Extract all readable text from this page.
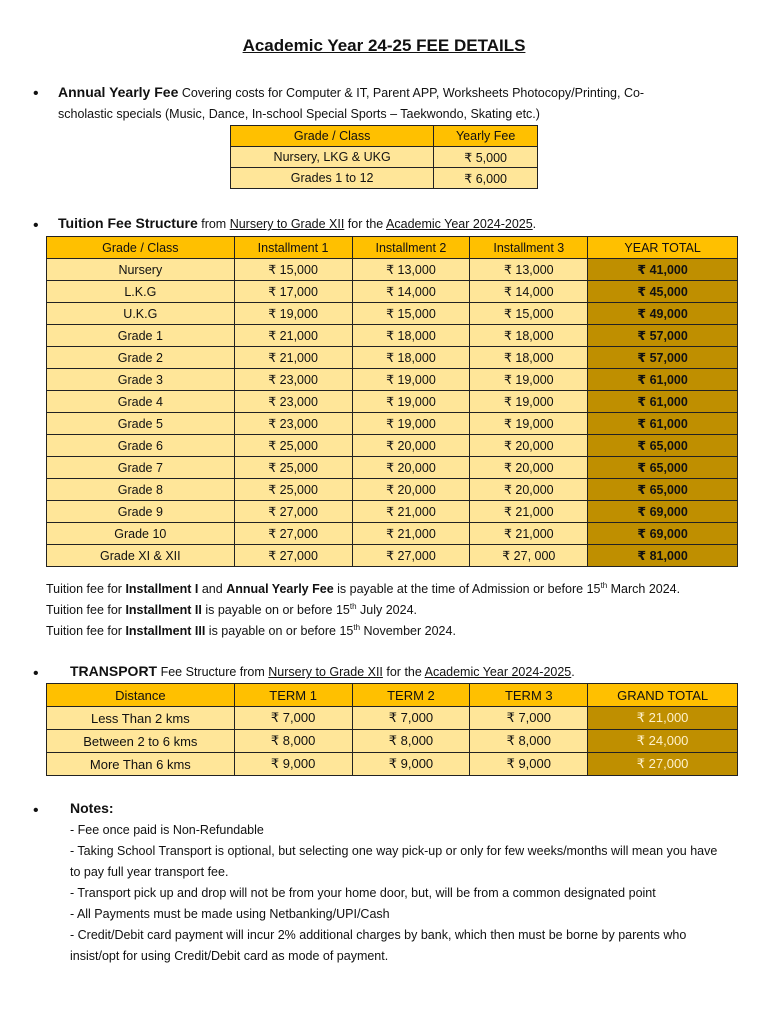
Academic Year 24-25 FEE DETAILS
• Annual Yearly Fee Covering costs for Computer & IT, Parent APP, Worksheets Photocopy/Printing, Co-scholastic specials (Music, Dance, In-school Special Sports – Taekwondo, Skating etc.)
Grade / Class	Yearly Fee
Nursery, LKG & UKG	₹ 5,000
Grades 1 to 12	₹ 6,000
• Tuition Fee Structure from Nursery to Grade XII for the Academic Year 2024-2025.
Grade / Class	Installment 1	Installment 2	Installment 3	YEAR TOTAL
Nursery	₹ 15,000	₹ 13,000	₹ 13,000	₹ 41,000
L.K.G	₹ 17,000	₹ 14,000	₹ 14,000	₹ 45,000
U.K.G	₹ 19,000	₹ 15,000	₹ 15,000	₹ 49,000
Grade 1	₹ 21,000	₹ 18,000	₹ 18,000	₹ 57,000
Grade 2	₹ 21,000	₹ 18,000	₹ 18,000	₹ 57,000
Grade 3	₹ 23,000	₹ 19,000	₹ 19,000	₹ 61,000
Grade 4	₹ 23,000	₹ 19,000	₹ 19,000	₹ 61,000
Grade 5	₹ 23,000	₹ 19,000	₹ 19,000	₹ 61,000
Grade 6	₹ 25,000	₹ 20,000	₹ 20,000	₹ 65,000
Grade 7	₹ 25,000	₹ 20,000	₹ 20,000	₹ 65,000
Grade 8	₹ 25,000	₹ 20,000	₹ 20,000	₹ 65,000
Grade 9	₹ 27,000	₹ 21,000	₹ 21,000	₹ 69,000
Grade 10	₹ 27,000	₹ 21,000	₹ 21,000	₹ 69,000
Grade XI & XII	₹ 27,000	₹ 27,000	₹ 27, 000	₹ 81,000
Tuition fee for Installment I and Annual Yearly Fee is payable at the time of Admission or before 15th March 2024.
Tuition fee for Installment II is payable on or before 15th July 2024.
Tuition fee for Installment III is payable on or before 15th November 2024.
• TRANSPORT Fee Structure from Nursery to Grade XII for the Academic Year 2024-2025.
Distance	TERM 1	TERM 2	TERM 3	GRAND TOTAL
Less Than 2 kms	₹ 7,000	₹ 7,000	₹ 7,000	₹ 21,000
Between 2 to 6 kms	₹ 8,000	₹ 8,000	₹ 8,000	₹ 24,000
More Than 6 kms	₹ 9,000	₹ 9,000	₹ 9,000	₹ 27,000
• Notes:
- Fee once paid is Non-Refundable
- Taking School Transport is optional, but selecting one way pick-up or only for few weeks/months will mean you have to pay full year transport fee.
- Transport pick up and drop will not be from your home door, but, will be from a common designated point
- All Payments must be made using Netbanking/UPI/Cash
- Credit/Debit card payment will incur 2% additional charges by bank, which then must be borne by parents who insist/opt for using Credit/Debit card as mode of payment.
